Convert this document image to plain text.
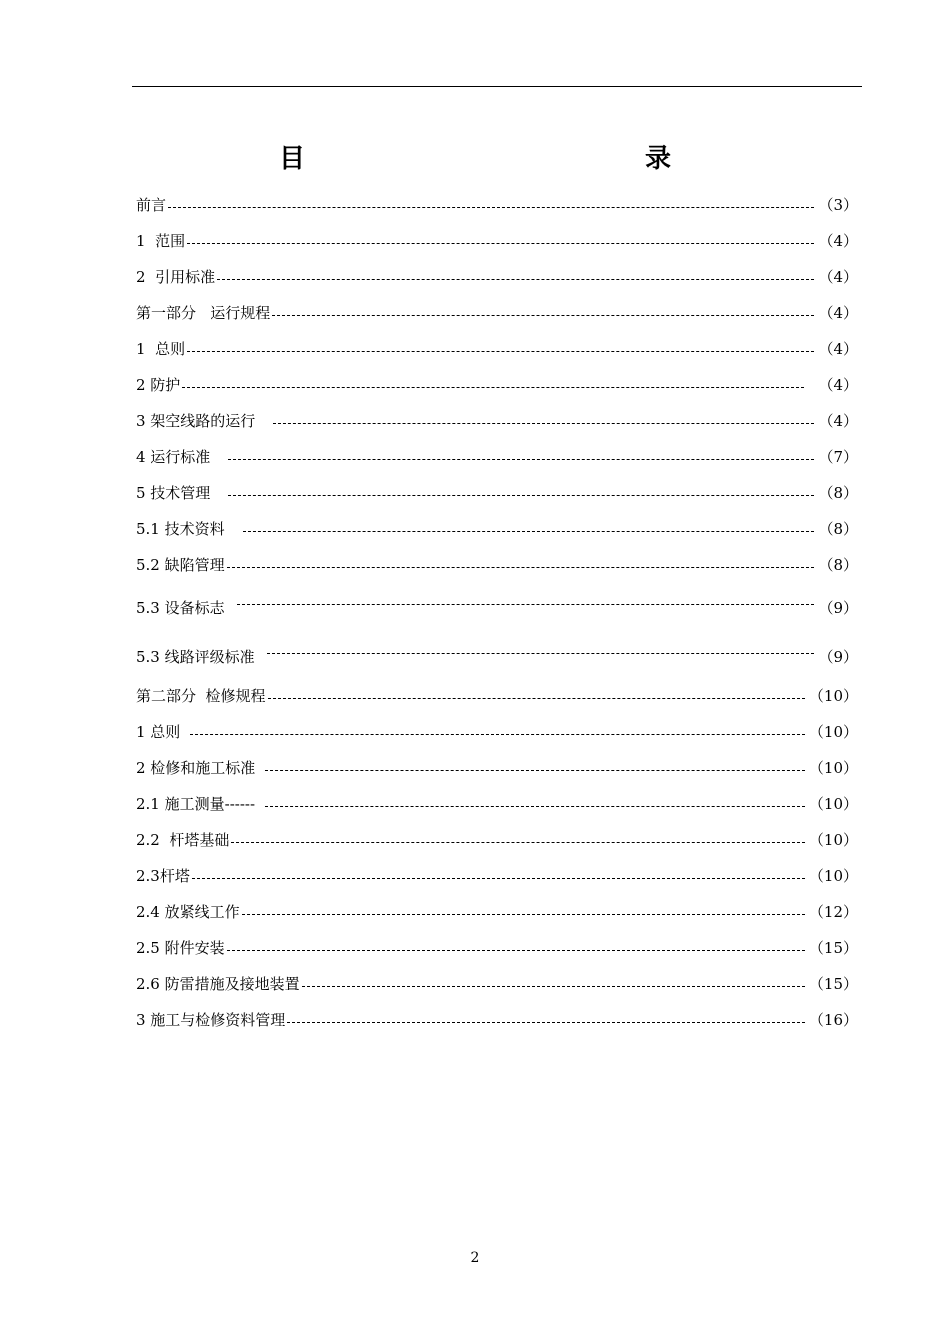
目　　录
前言	（3）
1  范围	（4）
2  引用标准	（4）
第一部分   运行规程	（4）
1  总则	（4）
2 防护	（4）
3 架空线路的运行	（4）
4 运行标准	（7）
5 技术管理	（8）
5.1 技术资料	（8）
5.2 缺陷管理	（8）
5.3 设备标志	（9）
5.3 线路评级标准	（9）
第二部分  检修规程	（10）
1 总则	（10）
2 检修和施工标准	（10）
2.1 施工测量------	（10）
2.2  杆塔基础	（10）
2.3杆塔	（10）
2.4 放紧线工作	（12）
2.5 附件安装	（15）
2.6 防雷措施及接地装置	（15）
3 施工与检修资料管理	（16）
2
